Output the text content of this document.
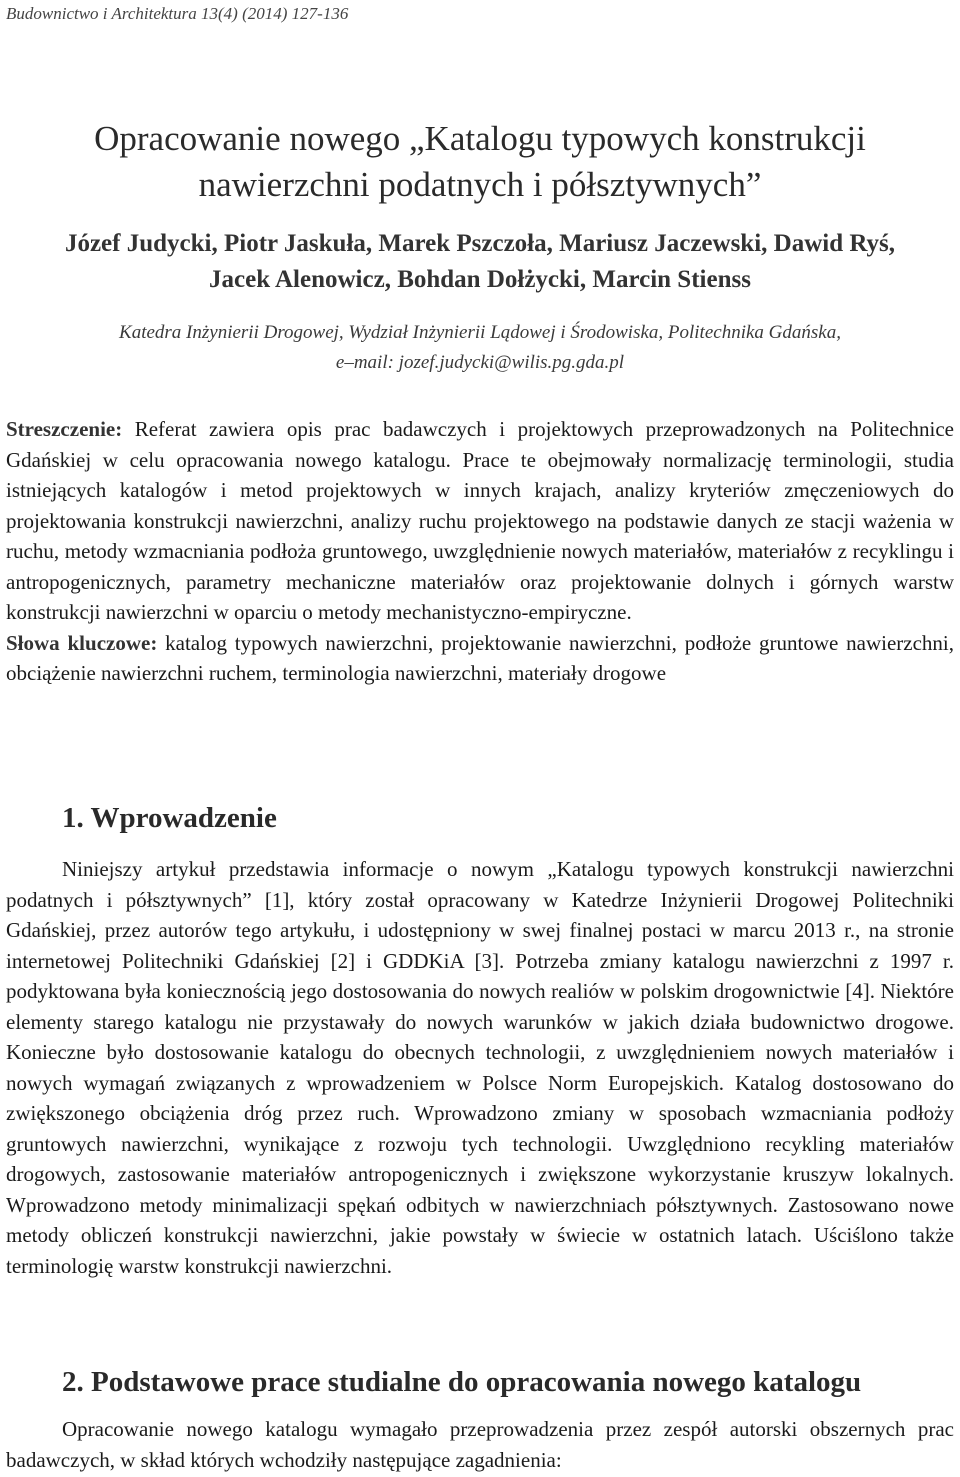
Budownictwo i Architektura 13(4) (2014) 127-136
Opracowanie nowego „Katalogu typowych konstrukcji
nawierzchni podatnych i półsztywnych”
Józef Judycki, Piotr Jaskuła, Marek Pszczoła, Mariusz Jaczewski, Dawid Ryś,
Jacek Alenowicz, Bohdan Dołżycki, Marcin Stienss
Katedra Inżynierii Drogowej, Wydział Inżynierii Lądowej i Środowiska, Politechnika Gdańska,
e–mail: jozef.judycki@wilis.pg.gda.pl

Streszczenie: Referat zawiera opis prac badawczych i projektowych przeprowadzonych na Politechnice Gdańskiej w celu opracowania nowego katalogu. Prace te obejmowały normalizację terminologii, studia istniejących katalogów i metod projektowych w innych krajach, analizy kryteriów zmęczeniowych do projektowania konstrukcji nawierzchni, analizy ruchu projektowego na podstawie danych ze stacji ważenia w ruchu, metody wzmacniania podłoża gruntowego, uwzględnienie nowych materiałów, materiałów z recyklingu i antropogenicznych, parametry mechaniczne materiałów oraz projektowanie dolnych i górnych warstw konstrukcji nawierzchni w oparciu o metody mechanistyczno-empiryczne.

Słowa kluczowe: katalog typowych nawierzchni, projektowanie nawierzchni, podłoże gruntowe nawierzchni, obciążenie nawierzchni ruchem, terminologia nawierzchni, materiały drogowe

1. Wprowadzenie

Niniejszy artykuł przedstawia informacje o nowym „Katalogu typowych konstrukcji nawierzchni podatnych i półsztywnych” [1], który został opracowany w Katedrze Inżynierii Drogowej Politechniki Gdańskiej, przez autorów tego artykułu, i udostępniony w swej finalnej postaci w marcu 2013 r., na stronie internetowej Politechniki Gdańskiej [2] i GDDKiA [3]. Potrzeba zmiany katalogu nawierzchni z 1997 r. podyktowana była koniecznością jego dostosowania do nowych realiów w polskim drogownictwie [4]. Niektóre elementy starego katalogu nie przystawały do nowych warunków w jakich działa budownictwo drogowe. Konieczne było dostosowanie katalogu do obecnych technologii, z uwzględnieniem nowych materiałów i nowych wymagań związanych z wprowadzeniem w Polsce Norm Europejskich. Katalog dostosowano do zwiększonego obciążenia dróg przez ruch. Wprowadzono zmiany w sposobach wzmacniania podłoży gruntowych nawierzchni, wynikające z rozwoju tych technologii. Uwzględniono recykling materiałów drogowych, zastosowanie materiałów antropogenicznych i zwiększone wykorzystanie kruszyw lokalnych. Wprowadzono metody minimalizacji spękań odbitych w nawierzchniach półsztywnych. Zastosowano nowe metody obliczeń konstrukcji nawierzchni, jakie powstały w świecie w ostatnich latach. Uściślono także terminologię warstw konstrukcji nawierzchni.

2. Podstawowe prace studialne do opracowania nowego katalogu

Opracowanie nowego katalogu wymagało przeprowadzenia przez zespół autorski obszernych prac badawczych, w skład których wchodziły następujące zagadnienia:
